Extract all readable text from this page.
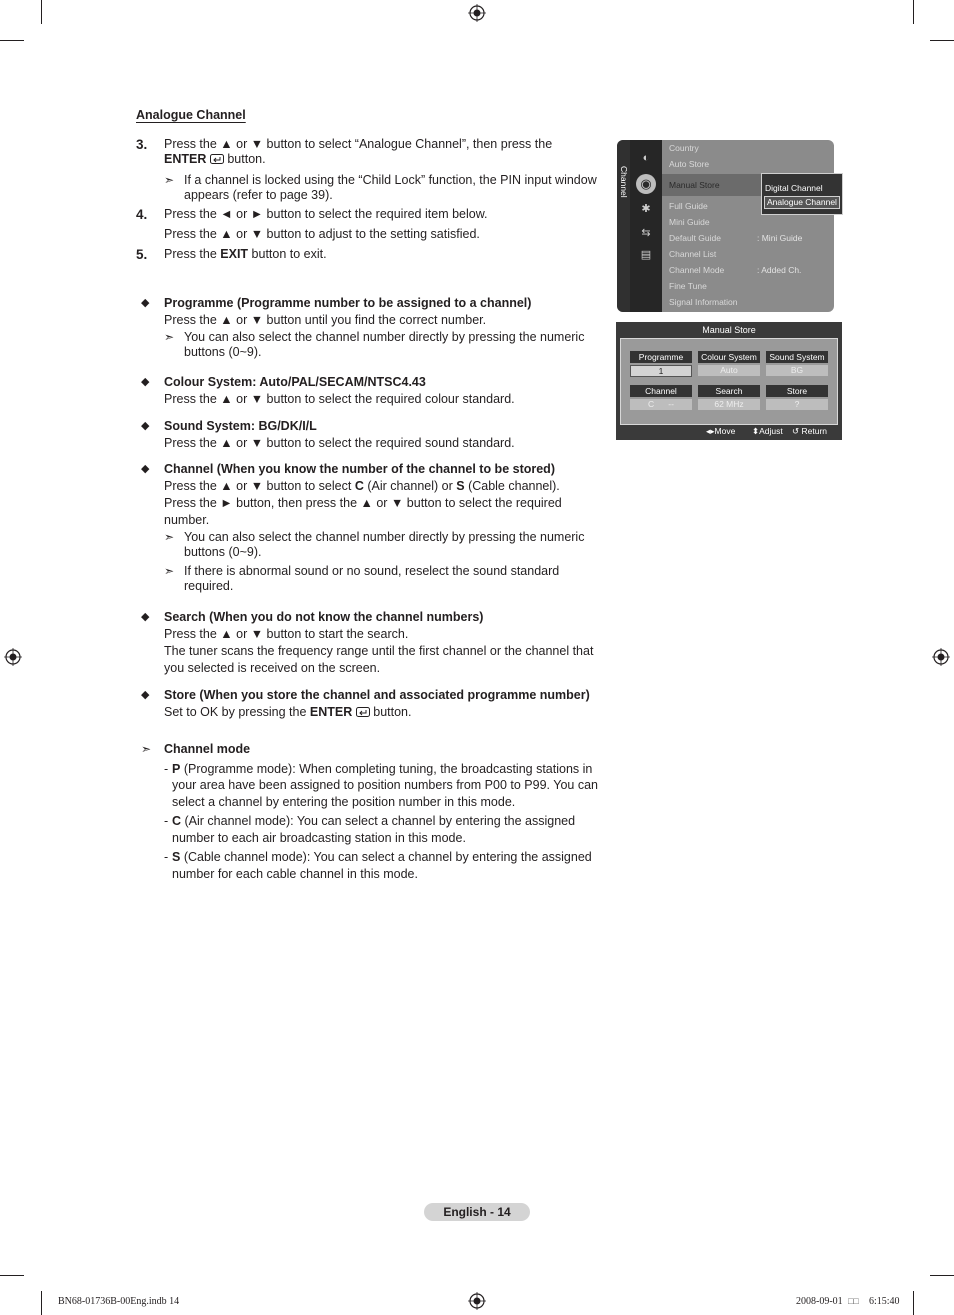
Analogue Channel
3. Press the ▲ or ▼ button to select “Analogue Channel”, then press the
ENTER button.
➣ If a channel is locked using the “Child Lock” function, the PIN input window appears (refer to page 39).
4. Press the ◄ or ► button to select the required item below.
Press the ▲ or ▼ button to adjust to the setting satisfied.
5. Press the EXIT button to exit.
◆ Programme (Programme number to be assigned to a channel)
Press the ▲ or ▼ button until you find the correct number.
➣ You can also select the channel number directly by pressing the numeric buttons (0~9).
◆ Colour System: Auto/PAL/SECAM/NTSC4.43
Press the ▲ or ▼ button to select the required colour standard.
◆ Sound System: BG/DK/I/L
Press the ▲ or ▼ button to select the required sound standard.
◆ Channel (When you know the number of the channel to be stored)
Press the ▲ or ▼ button to select C (Air channel) or S (Cable channel).
Press the ► button, then press the ▲ or ▼ button to select the required number.
➣ You can also select the channel number directly by pressing the numeric buttons (0~9).
➣ If there is abnormal sound or no sound, reselect the sound standard required.
◆ Search (When you do not know the channel numbers)
Press the ▲ or ▼ button to start the search.
The tuner scans the frequency range until the first channel or the channel that you selected is received on the screen.
◆ Store (When you store the channel and associated programme number)
Set to OK by pressing the ENTER  button.
➣ Channel mode
- P (Programme mode): When completing tuning, the broadcasting stations in your area have been assigned to position numbers from P00 to P99. You can select a channel by entering the position number in this mode.
- C (Air channel mode): You can select a channel by entering the assigned number to each air broadcasting station in this mode.
- S (Cable channel mode): You can select a channel by entering the assigned number for each cable channel in this mode.
Channel
◐
◉
✱
⇆
▤
Country
Auto Store
Manual Store
Full Guide
Mini Guide
Default Guide	: Mini Guide
Channel List
Channel Mode	: Added Ch.
Fine Tune
Signal Information
Digital Channel
Analogue Channel
Manual Store
Programme	Colour System	Sound System
1	Auto	BG
Channel	Search	Store
C      --	62 MHz	?
◂▸Move ⬍Adjust ↺ Return
English - 14
BN68-01736B-00Eng.indb 14	2008-09-01 □□ 6:15:40
